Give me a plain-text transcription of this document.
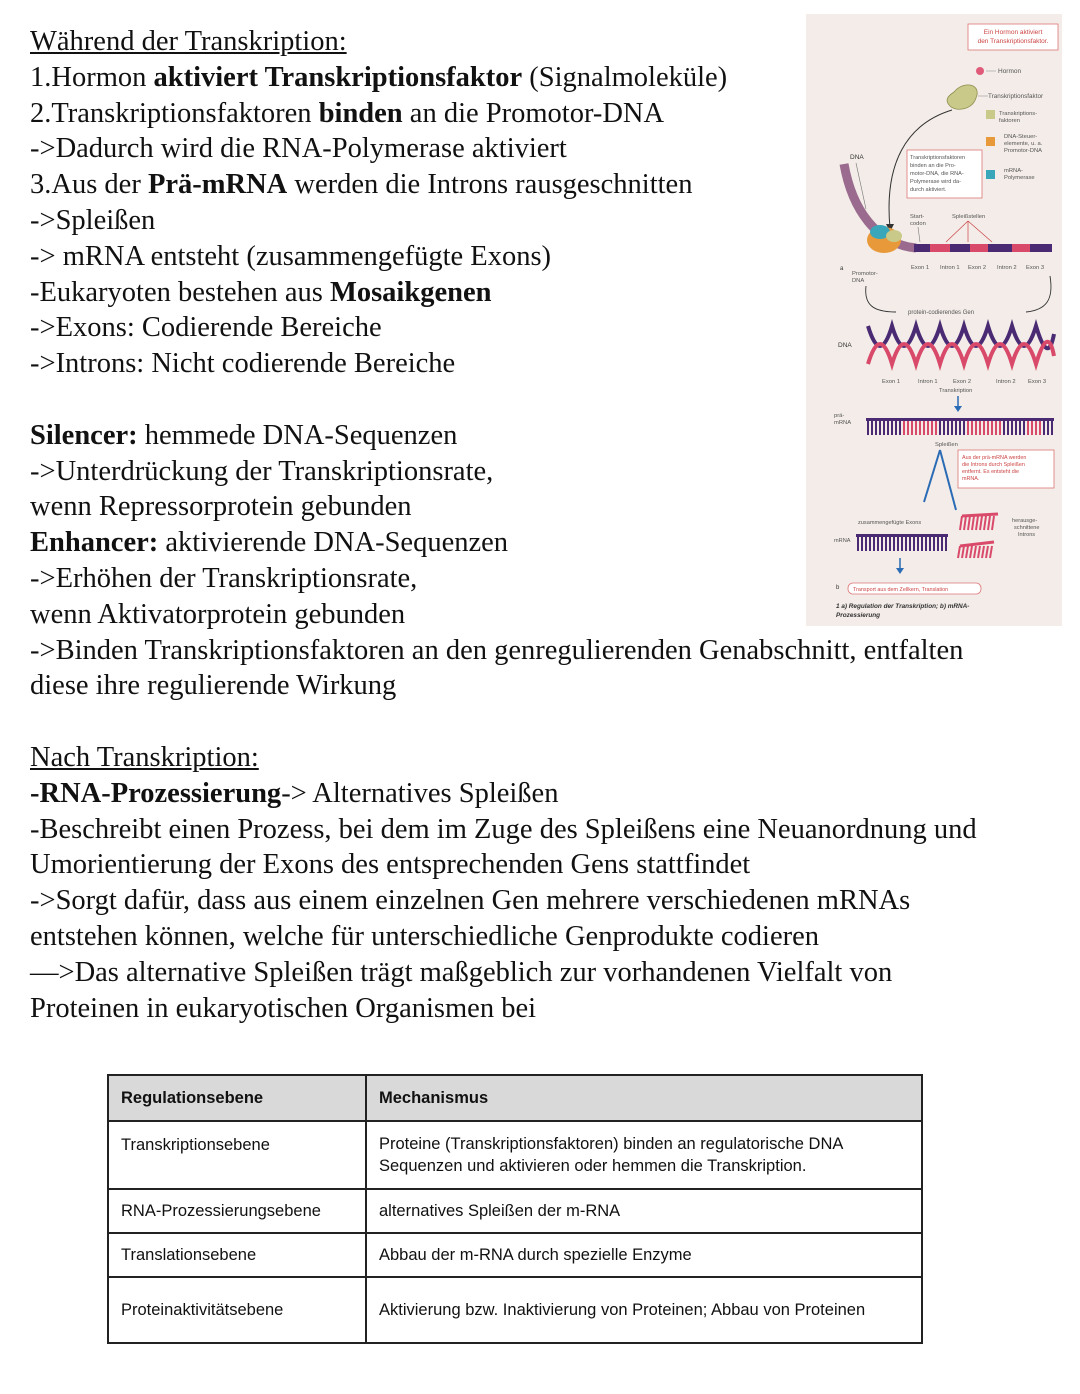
Während der Transkription:
1.Hormon aktiviert Transkriptionsfaktor (Signalmoleküle)
2.Transkriptionsfaktoren binden an die Promotor-DNA
->Dadurch wird die RNA-Polymerase aktiviert
3.Aus der Prä-mRNA werden die Introns rausgeschnitten
->Spleißen
-> mRNA entsteht (zusammengefügte Exons)
-Eukaryoten bestehen aus Mosaikgenen
->Exons: Codierende Bereiche
->Introns: Nicht codierende Bereiche
Silencer: hemmede DNA-Sequenzen
->Unterdrückung der Transkriptionsrate,
wenn Repressorprotein gebunden
Enhancer: aktivierende DNA-Sequenzen
->Erhöhen der Transkriptionsrate,
wenn Aktivatorprotein gebunden
->Binden Transkriptionsfaktoren an den genregulierenden Genabschnitt, entfalten
diese ihre regulierende Wirkung
Nach Transkription:
-RNA-Prozessierung-> Alternatives Spleißen
-Beschreibt einen Prozess, bei dem im Zuge des Spleißens eine Neuanordnung und
Umorientierung der Exons des entsprechenden Gens stattfindet
->Sorgt dafür, dass aus einem einzelnen Gen mehrere verschiedenen mRNAs
entstehen können, welche für unterschiedliche Genprodukte codieren
—>Das alternative Spleißen trägt maßgeblich zur vorhandenen Vielfalt von
Proteinen in eukaryotischen Organismen bei
Ein Hormon aktiviert
den Transkriptionsfaktor.
Hormon
Transkriptionsfaktor
Transkriptions-
faktoren
DNA-Steuer-
elemente, u. a.
Promotor-DNA
mRNA-
Polymerase
DNA	Transkriptionsfaktoren
binden an die Pro-
motor-DNA, die RNA-
Polymerase wird da-
durch aktiviert.
Start-
codon
Spleißstellen
a
Promotor-
DNA
Exon 1 Intron 1 Exon 2 Intron 2 Exon 3
protein-codierendes Gen
DNA
Exon 1	Intron 1	Exon 2	Intron 2 Exon 3
Transkription
prä-
mRNA
Spleißen
Aus der prä-mRNA werden
die Introns durch Spleißen
entfernt. Es entsteht die
mRNA.
zusammengefügte Exons
mRNA
herausge-
schnittene
Introns
b	Transport aus dem Zellkern, Translation
1 a) Regulation der Transkription; b) mRNA-
Prozessierung
Regulationsebene	Mechanismus
Transkriptionsebene	Proteine (Transkriptionsfaktoren) binden an regulatorische DNA Sequenzen und aktivieren oder hemmen die Transkription.
RNA-Prozessierungsebene	alternatives Spleißen der m-RNA
Translationsebene	Abbau der m-RNA durch spezielle Enzyme
Proteinaktivitätsebene	Aktivierung bzw. Inaktivierung von Proteinen; Abbau von Proteinen
